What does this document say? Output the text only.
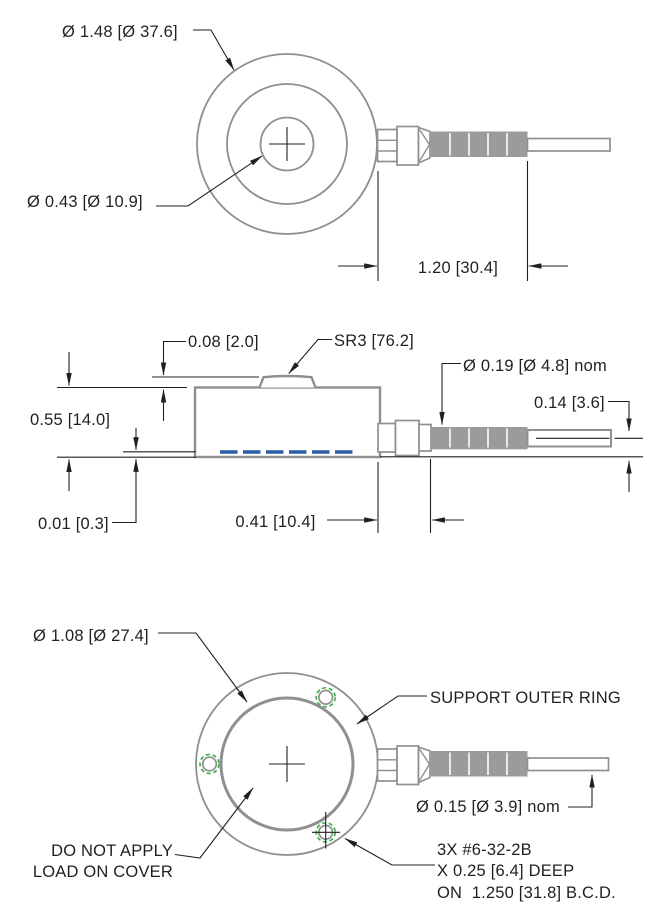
1.20 [30.4]
Ø 1.48 [Ø 37.6]
Ø 0.43 [Ø 10.9]
0.55 [14.0]
0.08 [2.0]
0.01 [0.3]	0.41 [10.4]
SR3 [76.2]
Ø 0.19 [Ø 4.8] nom
0.14 [3.6]
Ø 1.08 [Ø 27.4]
SUPPORT OUTER RING
Ø 0.15 [Ø 3.9] nom
DO NOT APPLY
LOAD ON COVER
3X #6-32-2B
X 0.25 [6.4] DEEP
ON  1.250 [31.8] B.C.D.
